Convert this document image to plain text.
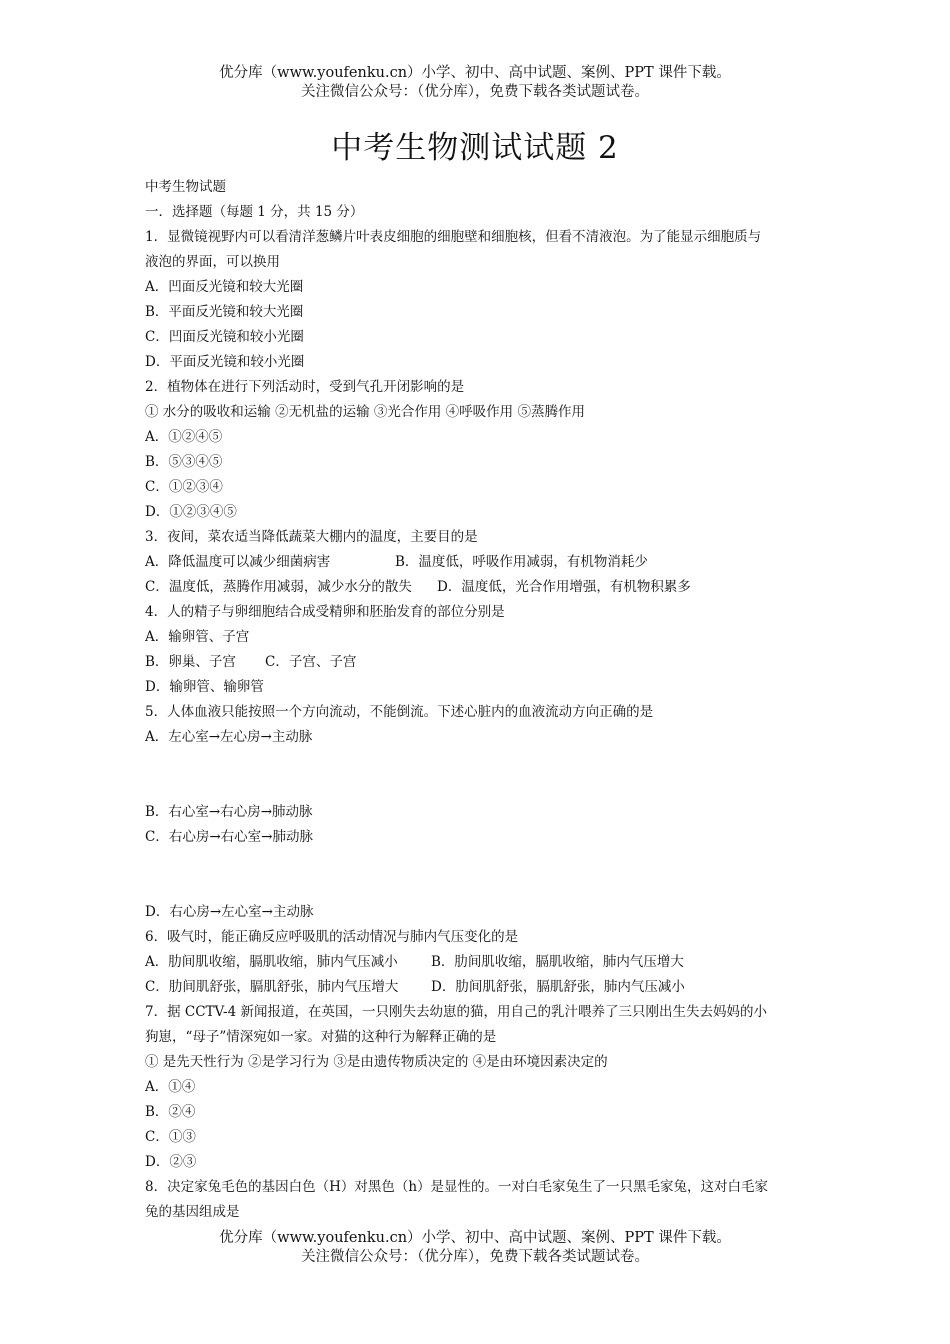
优分库（www.youfenku.cn）小学、初中、高中试题、案例、PPT 课件下载。
关注微信公众号：（优分库），免费下载各类试题试卷。
中考生物测试试题 2
中考生物试题
一．选择题（每题 1 分，共 15 分）
1．显微镜视野内可以看清洋葱鳞片叶表皮细胞的细胞壁和细胞核，但看不清液泡。为了能显示细胞质与
液泡的界面，可以换用
A．凹面反光镜和较大光圈
B．平面反光镜和较大光圈
C．凹面反光镜和较小光圈
D．平面反光镜和较小光圈
2．植物体在进行下列活动时，受到气孔开闭影响的是
① 水分的吸收和运输 ②无机盐的运输 ③光合作用 ④呼吸作用 ⑤蒸腾作用
A．①②④⑤
B．⑤③④⑤
C．①②③④
D．①②③④⑤
3．夜间，菜农适当降低蔬菜大棚内的温度，主要目的是
A．降低温度可以减少细菌病害	B．温度低，呼吸作用减弱，有机物消耗少
C．温度低，蒸腾作用减弱，减少水分的散失 D．温度低，光合作用增强，有机物积累多
4．人的精子与卵细胞结合成受精卵和胚胎发育的部位分别是
A．输卵管、子宫
B．卵巢、子宫 C．子宫、子宫
D．输卵管、输卵管
5．人体血液只能按照一个方向流动，不能倒流。下述心脏内的血液流动方向正确的是
A．左心室→左心房→主动脉
B．右心室→右心房→肺动脉
C．右心房→右心室→肺动脉
D．右心房→左心室→主动脉
6．吸气时，能正确反应呼吸肌的活动情况与肺内气压变化的是
A．肋间肌收缩，膈肌收缩，肺内气压减小 B．肋间肌收缩，膈肌收缩，肺内气压增大
C．肋间肌舒张，膈肌舒张，肺内气压增大 D．肋间肌舒张，膈肌舒张，肺内气压减小
7．据 CCTV-4 新闻报道，在英国，一只刚失去幼崽的猫，用自己的乳汁喂养了三只刚出生失去妈妈的小
狗崽，“母子”情深宛如一家。对猫的这种行为解释正确的是
① 是先天性行为 ②是学习行为 ③是由遗传物质决定的 ④是由环境因素决定的
A．①④
B．②④
C．①③
D．②③
8．决定家兔毛色的基因白色（H）对黑色（h）是显性的。一对白毛家兔生了一只黑毛家兔，这对白毛家
兔的基因组成是
优分库（www.youfenku.cn）小学、初中、高中试题、案例、PPT 课件下载。
关注微信公众号：（优分库），免费下载各类试题试卷。
